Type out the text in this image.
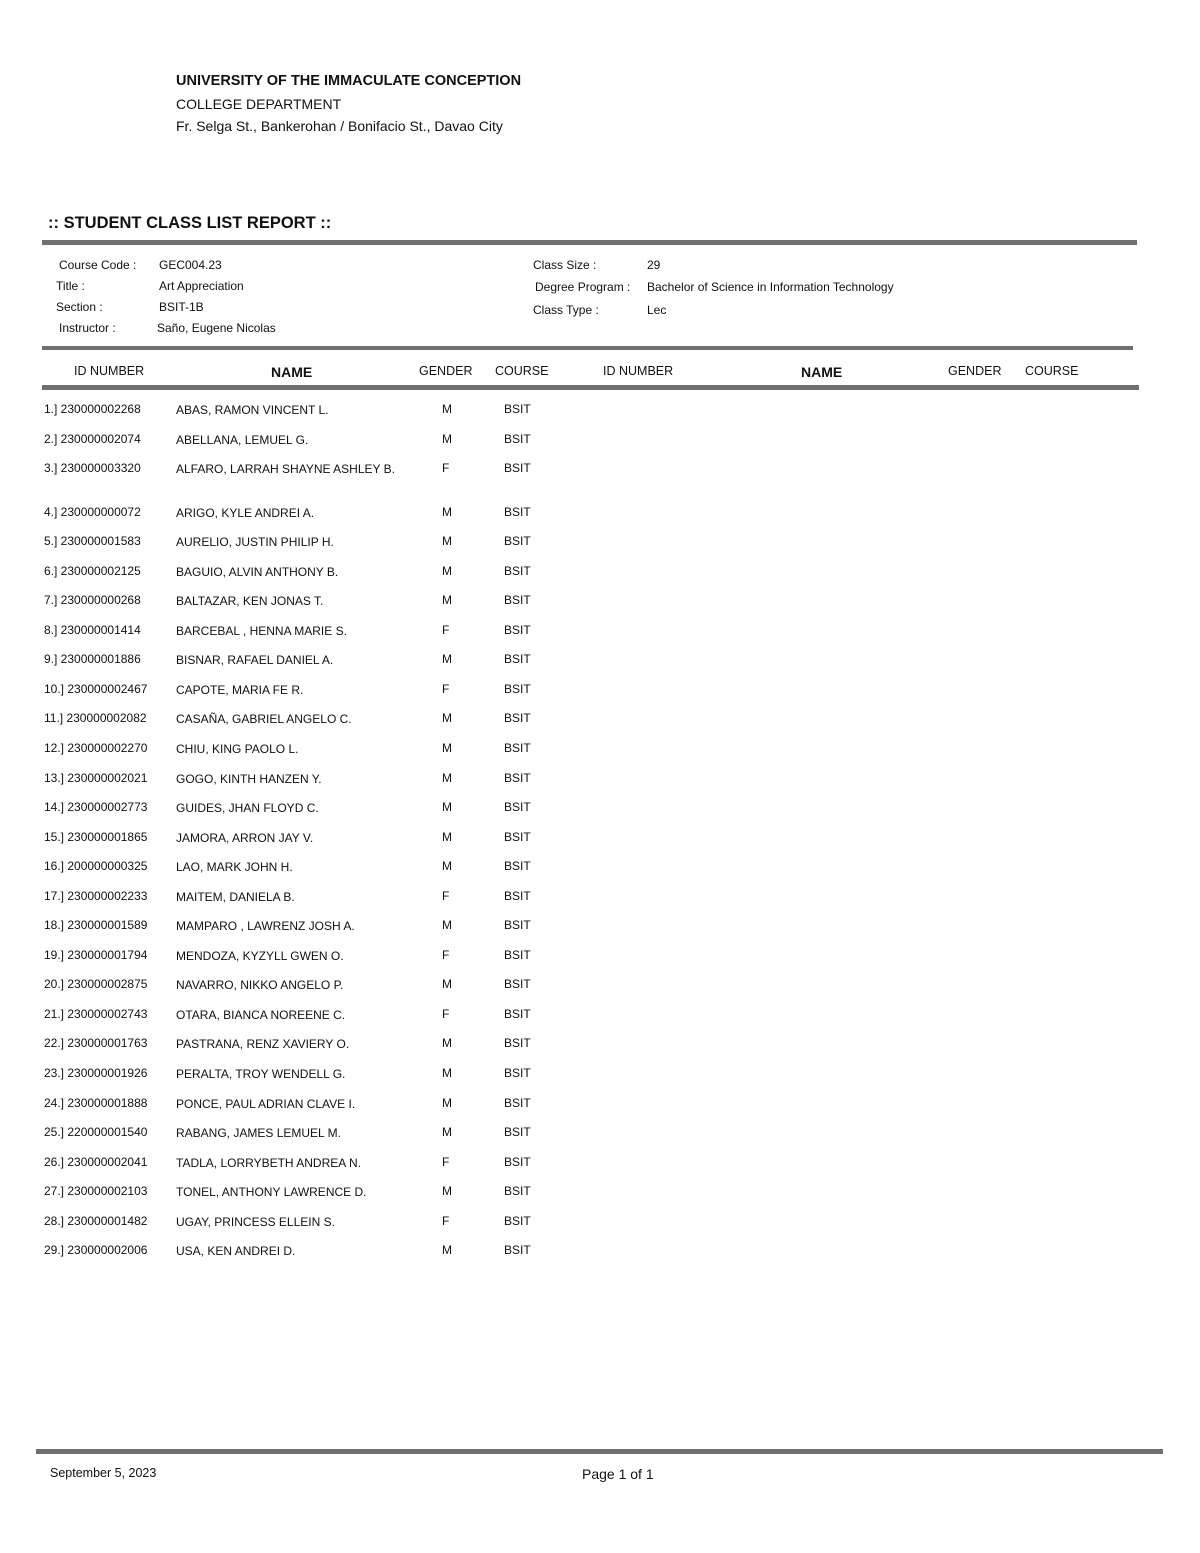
UNIVERSITY OF THE IMMACULATE CONCEPTION
COLLEGE DEPARTMENT
Fr. Selga St., Bankerohan / Bonifacio St., Davao City
:: STUDENT CLASS LIST REPORT ::
Course Code : GEC004.23
Title :	Art Appreciation
Section :	BSIT-1B
Instructor :	Saño, Eugene Nicolas
Class Size :	29
Degree Program : Bachelor of Science in Information Technology
Class Type :	Lec
ID NUMBER	NAME	GENDER COURSE	ID NUMBER	NAME	GENDER COURSE
1.] 230000002268	ABAS, RAMON VINCENT L.	M	BSIT
2.] 230000002074	ABELLANA, LEMUEL G.	M	BSIT
3.] 230000003320	ALFARO, LARRAH SHAYNE ASHLEY B.	F	BSIT
4.] 230000000072	ARIGO, KYLE ANDREI A.	M	BSIT
5.] 230000001583	AURELIO, JUSTIN PHILIP H.	M	BSIT
6.] 230000002125	BAGUIO, ALVIN ANTHONY B.	M	BSIT
7.] 230000000268	BALTAZAR, KEN JONAS T.	M	BSIT
8.] 230000001414	BARCEBAL , HENNA MARIE S.	F	BSIT
9.] 230000001886	BISNAR, RAFAEL DANIEL A.	M	BSIT
10.] 230000002467 CAPOTE, MARIA FE R.	F	BSIT
11.] 230000002082 CASAÑA, GABRIEL ANGELO C.	M	BSIT
12.] 230000002270 CHIU, KING PAOLO L.	M	BSIT
13.] 230000002021 GOGO, KINTH HANZEN Y.	M	BSIT
14.] 230000002773 GUIDES, JHAN FLOYD C.	M	BSIT
15.] 230000001865 JAMORA, ARRON JAY V.	M	BSIT
16.] 200000000325 LAO, MARK JOHN H.	M	BSIT
17.] 230000002233 MAITEM, DANIELA B.	F	BSIT
18.] 230000001589 MAMPARO , LAWRENZ JOSH A.	M	BSIT
19.] 230000001794 MENDOZA, KYZYLL GWEN O.	F	BSIT
20.] 230000002875 NAVARRO, NIKKO ANGELO P.	M	BSIT
21.] 230000002743 OTARA, BIANCA NOREENE C.	F	BSIT
22.] 230000001763 PASTRANA, RENZ XAVIERY O.	M	BSIT
23.] 230000001926 PERALTA, TROY WENDELL G.	M	BSIT
24.] 230000001888 PONCE, PAUL ADRIAN CLAVE I.	M	BSIT
25.] 220000001540 RABANG, JAMES LEMUEL M.	M	BSIT
26.] 230000002041 TADLA, LORRYBETH ANDREA N.	F	BSIT
27.] 230000002103 TONEL, ANTHONY LAWRENCE D.	M	BSIT
28.] 230000001482 UGAY, PRINCESS ELLEIN S.	F	BSIT
29.] 230000002006 USA, KEN ANDREI D.	M	BSIT
September 5, 2023	Page 1 of 1
